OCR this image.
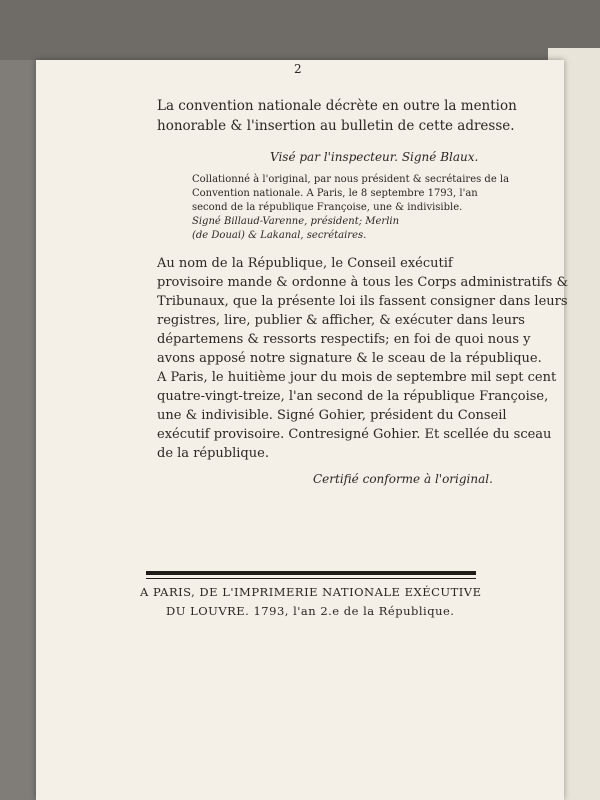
2
La convention nationale décrète en outre la mention
honorable & l'insertion au bulletin de cette adresse.
Visé par l'inspecteur. Signé Blaux.
Collationné à l'original, par nous président & secrétaires de la
Convention nationale. A Paris, le 8 septembre 1793, l'an
second de la république Françoise, une & indivisible.
Signé Billaud-Varenne, président; Merlin
(de Douai) & Lakanal, secrétaires.
Au nom de la République, le Conseil exécutif
provisoire mande & ordonne à tous les Corps administratifs &
Tribunaux, que la présente loi ils fassent consigner dans leurs
registres, lire, publier & afficher, & exécuter dans leurs
départemens & ressorts respectifs; en foi de quoi nous y
avons apposé notre signature & le sceau de la république.
A Paris, le huitième jour du mois de septembre mil sept cent
quatre-vingt-treize, l'an second de la république Françoise,
une & indivisible. Signé Gohier, président du Conseil
exécutif provisoire. Contresigné Gohier. Et scellée du sceau
de la république.
Certifié conforme à l'original.
A PARIS, DE L'IMPRIMERIE NATIONALE EXÉCUTIVE
DU LOUVRE. 1793, l'an 2.e de la République.
